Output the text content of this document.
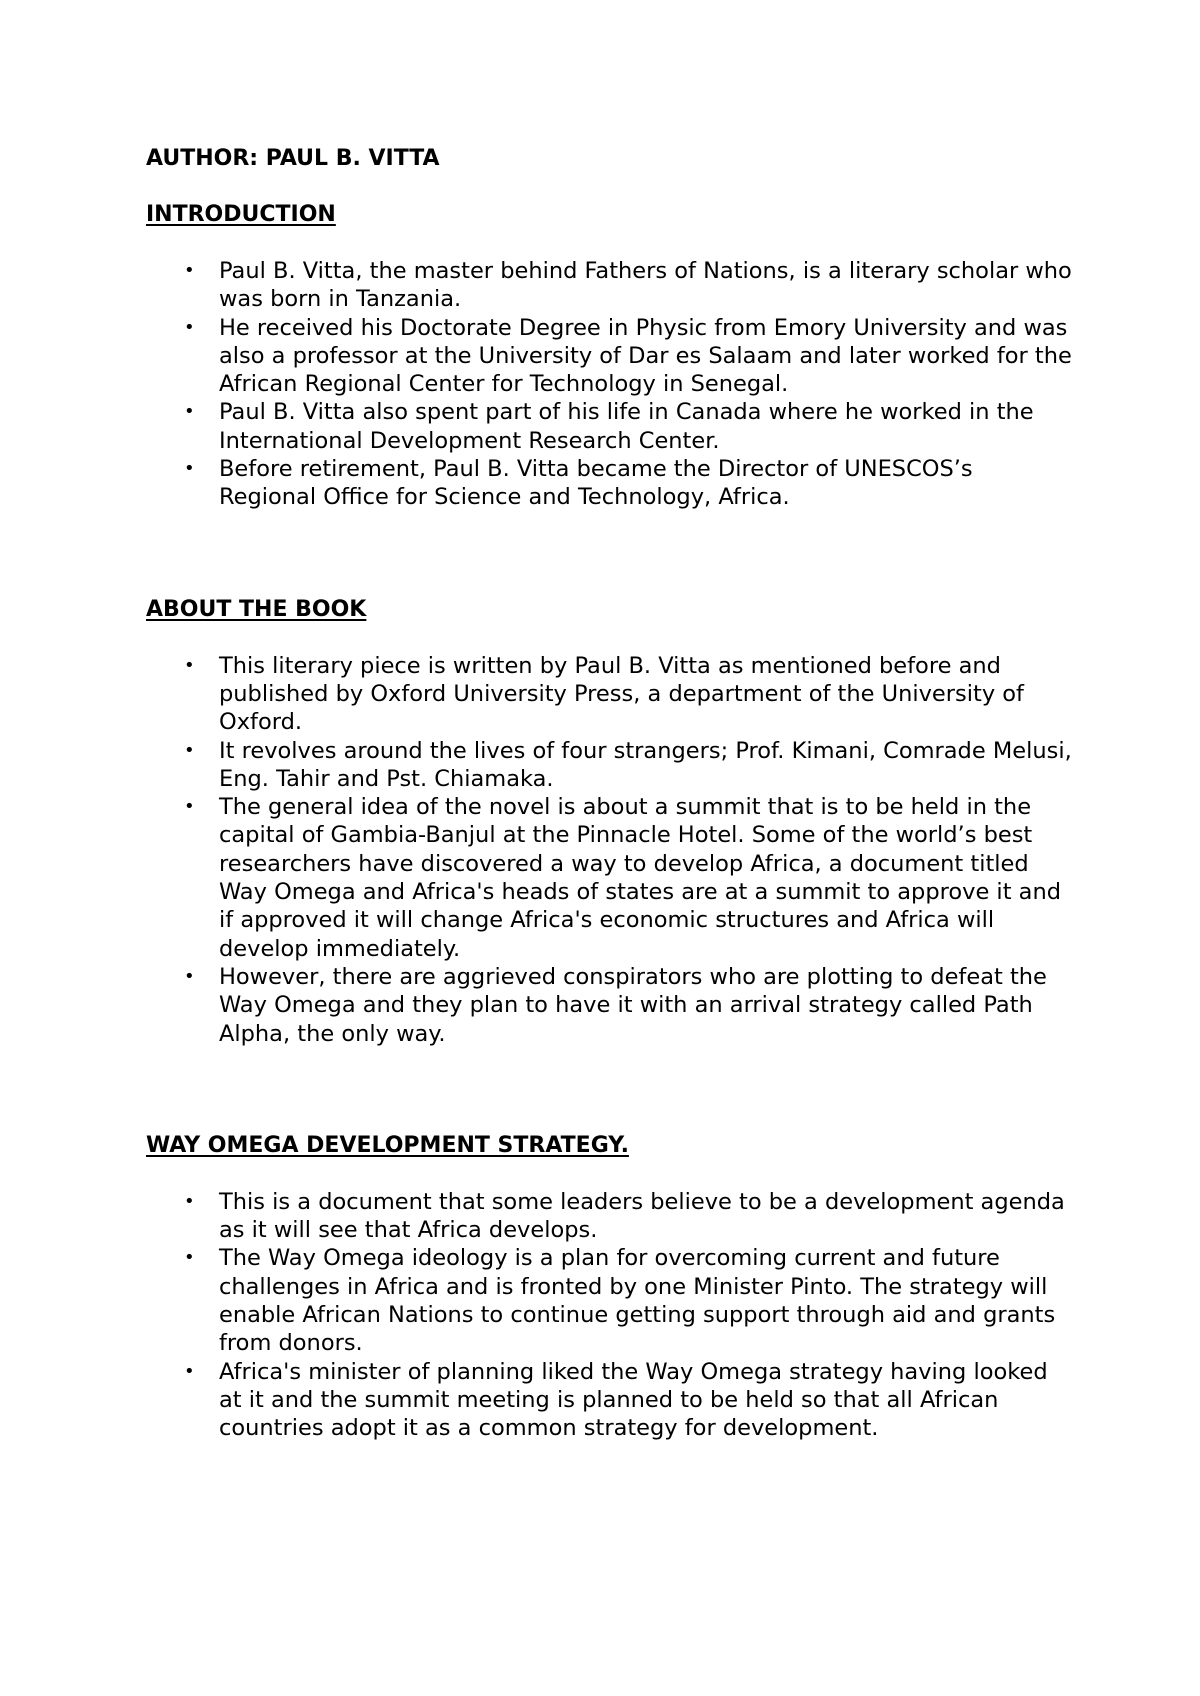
AUTHOR: PAUL B. VITTA

INTRODUCTION

• Paul B. Vitta, the master behind Fathers of Nations, is a literary scholar who was born in Tanzania.
• He received his Doctorate Degree in Physic from Emory University and was also a professor at the University of Dar es Salaam and later worked for the African Regional Center for Technology in Senegal.
• Paul B. Vitta also spent part of his life in Canada where he worked in the International Development Research Center.
• Before retirement, Paul B. Vitta became the Director of UNESCOS’s Regional Office for Science and Technology, Africa.

ABOUT THE BOOK

• This literary piece is written by Paul B. Vitta as mentioned before and published by Oxford University Press, a department of the University of Oxford.
• It revolves around the lives of four strangers; Prof. Kimani, Comrade Melusi, Eng. Tahir and Pst. Chiamaka.
• The general idea of the novel is about a summit that is to be held in the capital of Gambia-Banjul at the Pinnacle Hotel. Some of the world’s best researchers have discovered a way to develop Africa, a document titled Way Omega and Africa's heads of states are at a summit to approve it and if approved it will change Africa's economic structures and Africa will develop immediately.
• However, there are aggrieved conspirators who are plotting to defeat the Way Omega and they plan to have it with an arrival strategy called Path Alpha, the only way.

WAY OMEGA DEVELOPMENT STRATEGY.

• This is a document that some leaders believe to be a development agenda as it will see that Africa develops.
• The Way Omega ideology is a plan for overcoming current and future challenges in Africa and is fronted by one Minister Pinto. The strategy will enable African Nations to continue getting support through aid and grants from donors.
• Africa's minister of planning liked the Way Omega strategy having looked at it and the summit meeting is planned to be held so that all African countries adopt it as a common strategy for development.
